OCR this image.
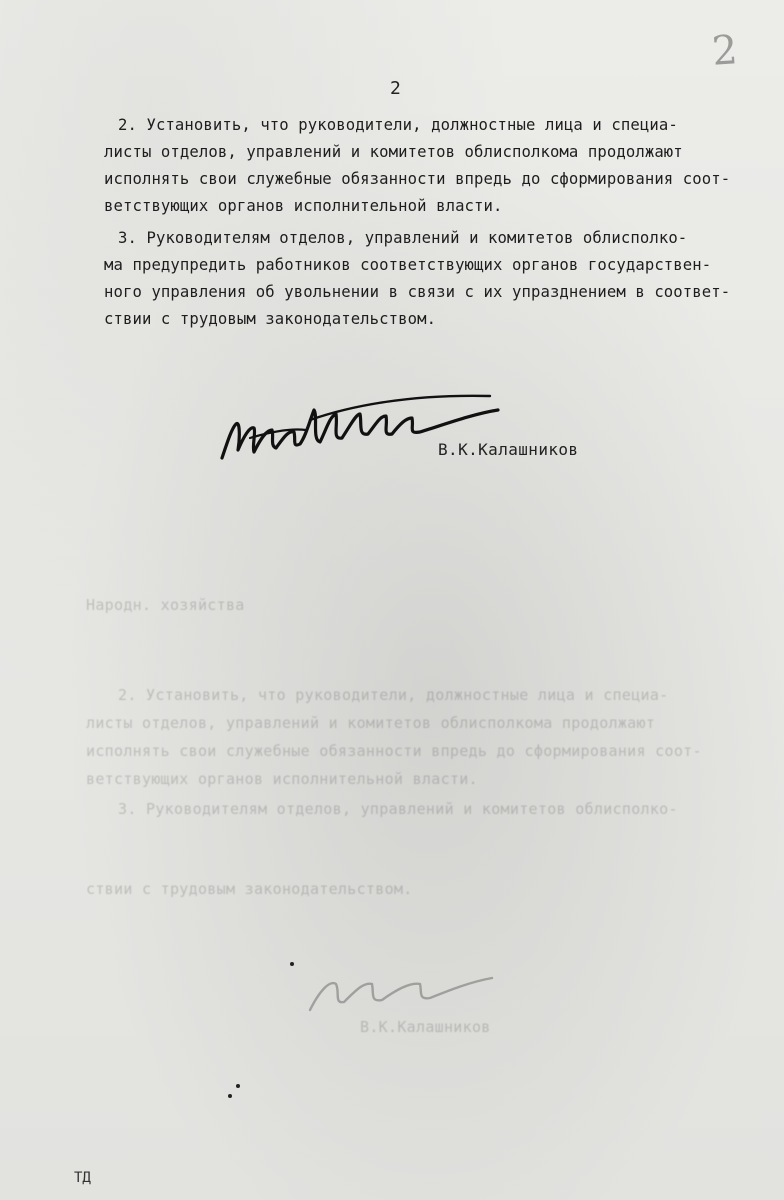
Народн. хозяйства
2. Установить, что руководители, должностные лица и специа-
листы отделов, управлений и комитетов облисполкома продолжают
исполнять свои служебные обязанности впредь до сформирования соот-
ветствующих органов исполнительной власти.
3. Руководителям отделов, управлений и комитетов облисполко-
ствии с трудовым законодательством.
В.К.Калашников
2
2
2. Установить, что руководители, должностные лица и специа-
листы отделов, управлений и комитетов облисполкома продолжают
исполнять свои служебные обязанности впредь до сформирования соот-
ветствующих органов исполнительной власти.
3. Руководителям отделов, управлений и комитетов облисполко-
ма предупредить работников соответствующих органов государствен-
ного управления об увольнении в связи с их упразднением в соответ-
ствии с трудовым законодательством.
В.К.Калашников
ТД
